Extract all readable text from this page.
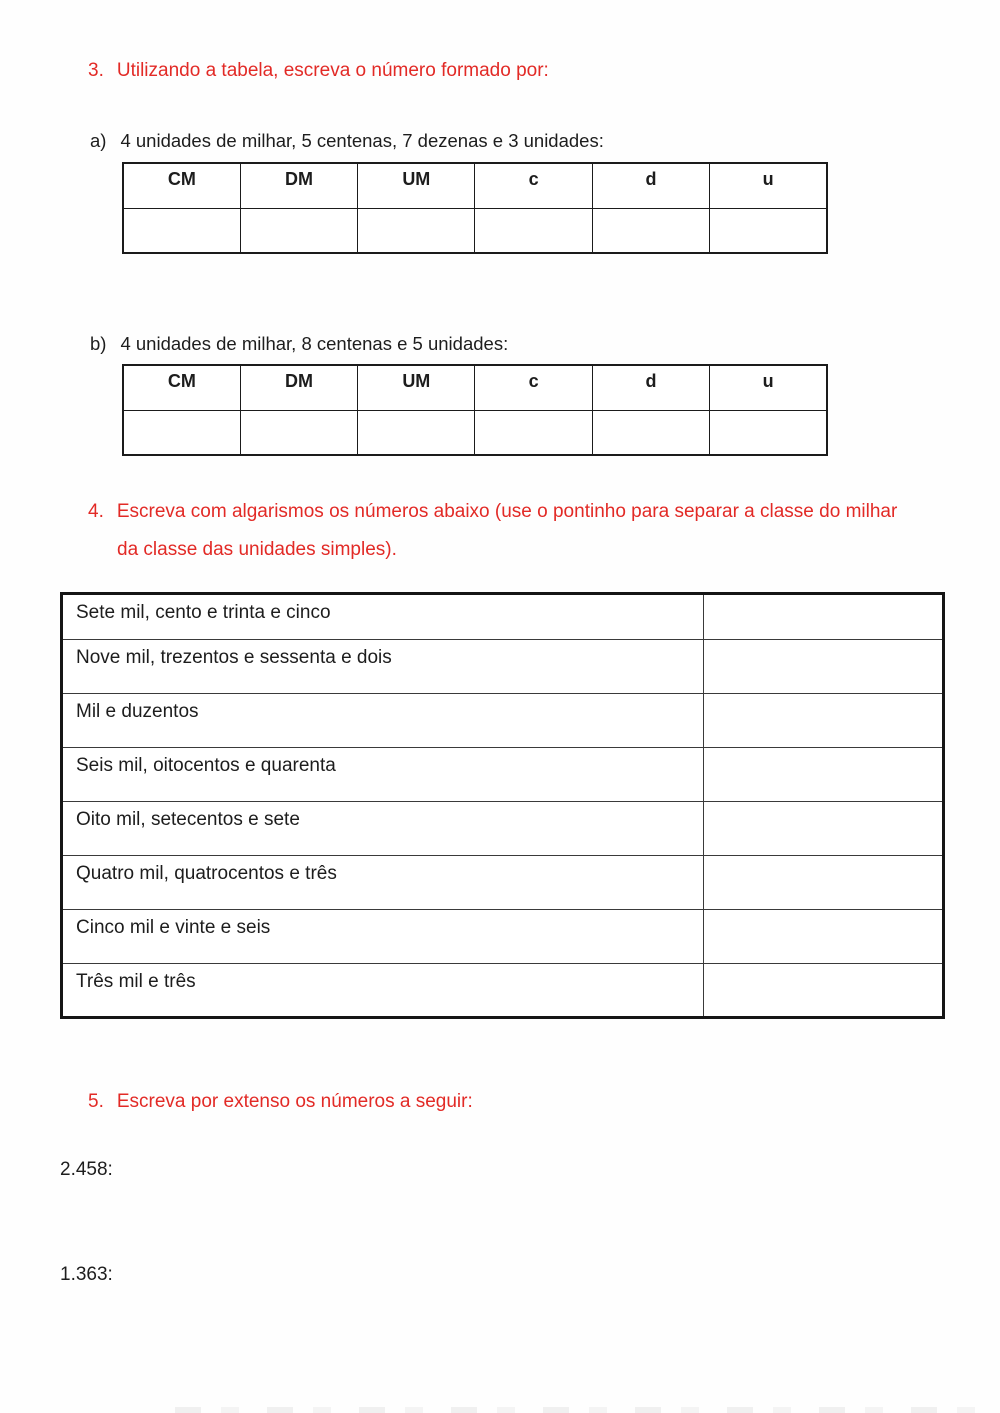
3. Utilizando a tabela, escreva o número formado por:
a) 4 unidades de milhar, 5 centenas, 7 dezenas e 3 unidades:
CM	DM	UM	c	d	u

b) 4 unidades de milhar, 8 centenas e 5 unidades:
CM	DM	UM	c	d	u

4. Escreva com algarismos os números abaixo (use o pontinho para separar a classe do milhar
da classe das unidades simples).
Sete mil, cento e trinta e cinco	
Nove mil, trezentos e sessenta e dois	
Mil e duzentos	
Seis mil, oitocentos e quarenta	
Oito mil, setecentos e sete	
Quatro mil, quatrocentos e três	
Cinco mil e vinte e seis	
Três mil e três	
5. Escreva por extenso os números a seguir:
2.458:
1.363:
